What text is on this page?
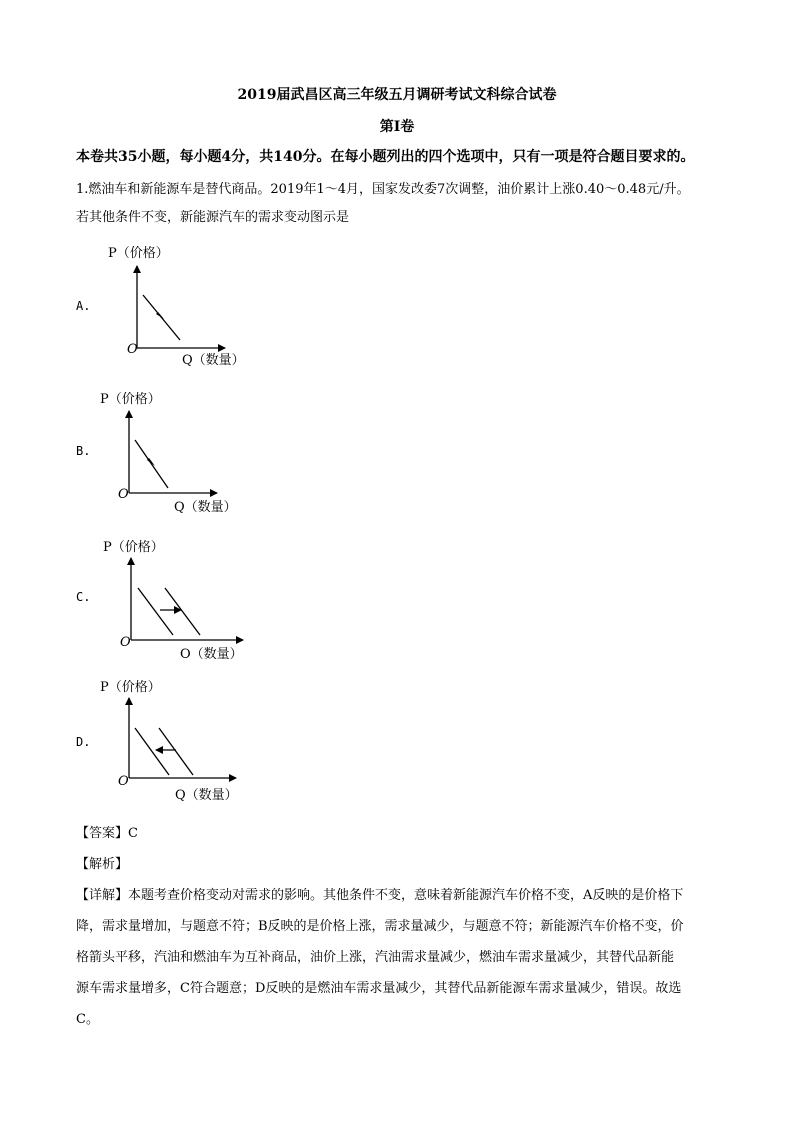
2019届武昌区高三年级五月调研考试文科综合试卷
第Ⅰ卷
本卷共35小题，每小题4分，共140分。在每小题列出的四个选项中，只有一项是符合题目要求的。
1.燃油车和新能源车是替代商品。2019年1～4月，国家发改委7次调整，油价累计上涨0.40～0.48元/升。
若其他条件不变，新能源汽车的需求变动图示是
A.
P（价格）
O
Q（数量）
B.
P（价格）
O
Q（数量）
C.
P（价格）
O
O（数量）
D.
P（价格）
O
Q（数量）
【答案】C
【解析】
【详解】本题考查价格变动对需求的影响。其他条件不变，意味着新能源汽车价格不变，A反映的是价格下
降，需求量增加，与题意不符；B反映的是价格上涨，需求量减少，与题意不符；新能源汽车价格不变，价
格箭头平移，汽油和燃油车为互补商品，油价上涨，汽油需求量减少，燃油车需求量减少，其替代品新能
源车需求量增多，C符合题意；D反映的是燃油车需求量减少，其替代品新能源车需求量减少，错误。故选
C。
